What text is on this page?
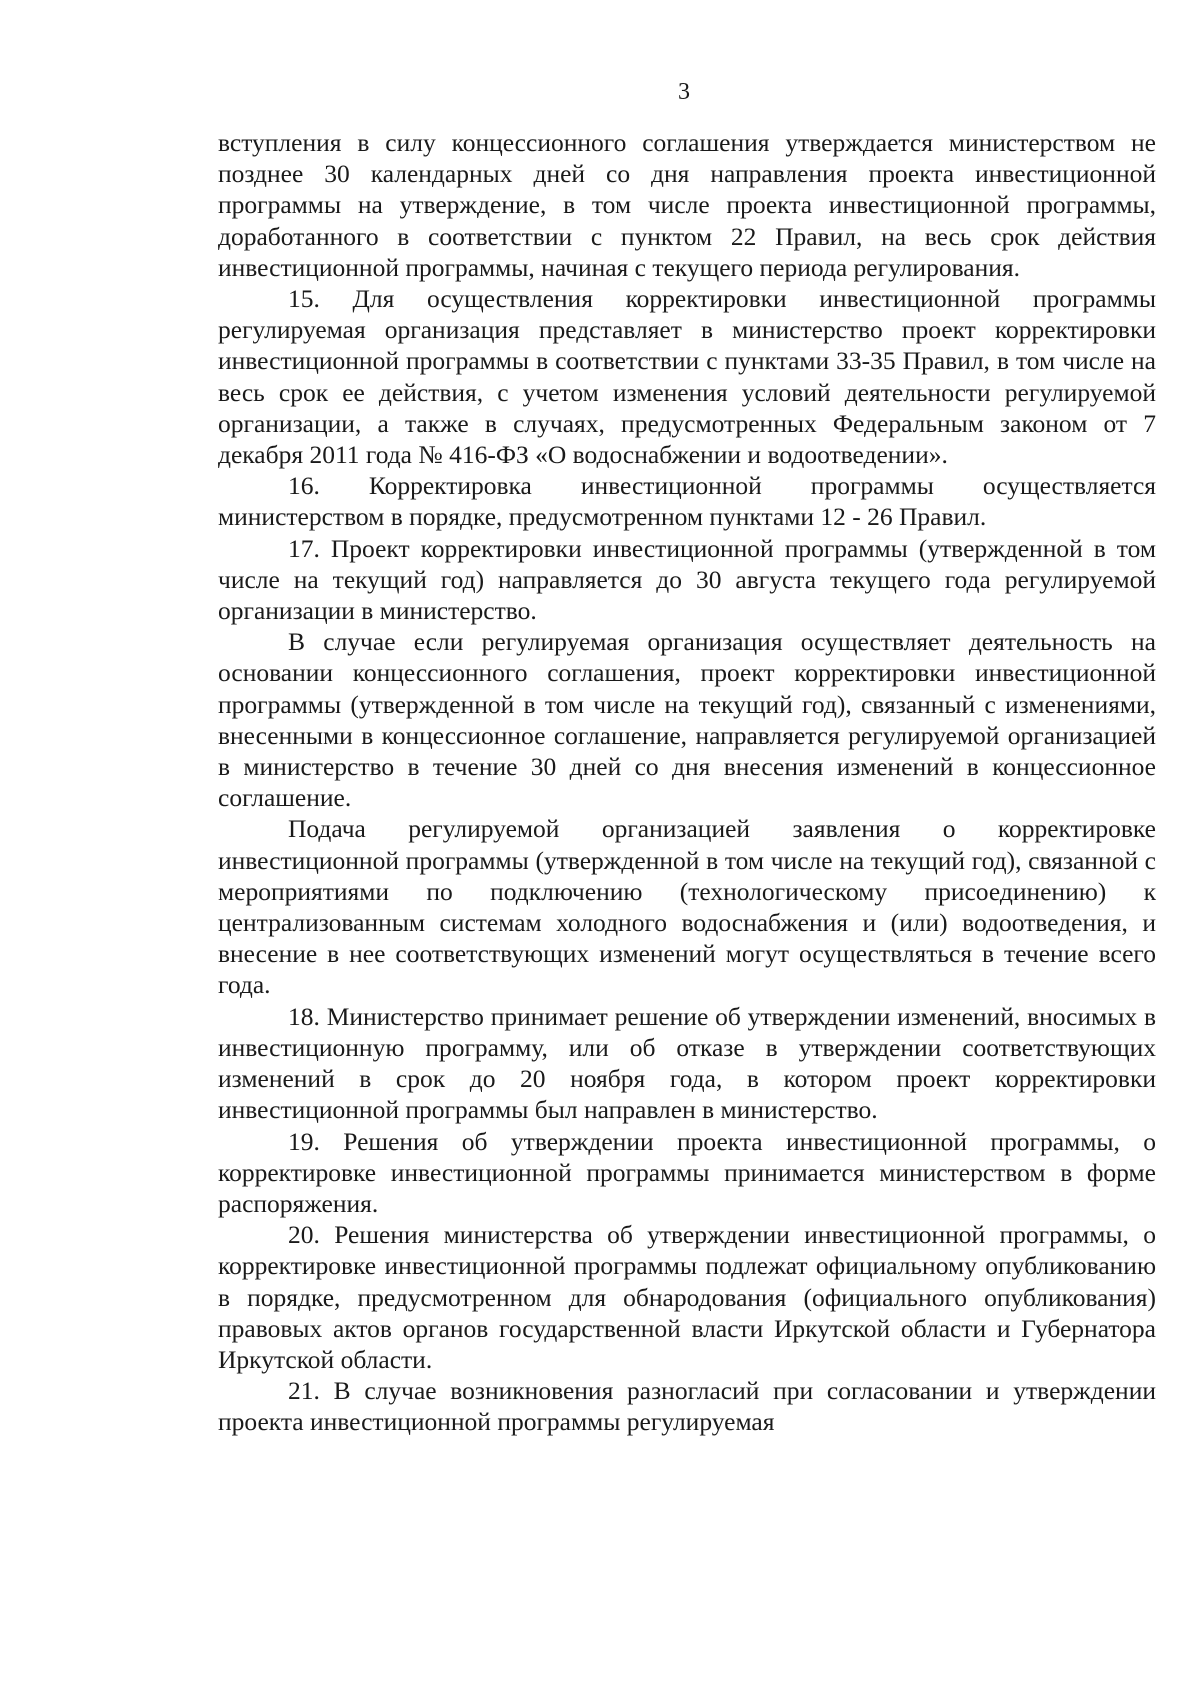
3

вступления в силу концессионного соглашения утверждается министерством не позднее 30 календарных дней со дня направления проекта инвестиционной программы на утверждение, в том числе проекта инвестиционной программы, доработанного в соответствии с пунктом 22 Правил, на весь срок действия инвестиционной программы, начиная с текущего периода регулирования.

15. Для осуществления корректировки инвестиционной программы регулируемая организация представляет в министерство проект корректировки инвестиционной программы в соответствии с пунктами 33-35 Правил, в том числе на весь срок ее действия, с учетом изменения условий деятельности регулируемой организации, а также в случаях, предусмотренных Федеральным законом от 7 декабря 2011 года № 416-ФЗ «О водоснабжении и водоотведении».

16. Корректировка инвестиционной программы осуществляется министерством в порядке, предусмотренном пунктами 12 - 26 Правил.

17. Проект корректировки инвестиционной программы (утвержденной в том числе на текущий год) направляется до 30 августа текущего года регулируемой организации в министерство.

В случае если регулируемая организация осуществляет деятельность на основании концессионного соглашения, проект корректировки инвестиционной программы (утвержденной в том числе на текущий год), связанный с изменениями, внесенными в концессионное соглашение, направляется регулируемой организацией в министерство в течение 30 дней со дня внесения изменений в концессионное соглашение.

Подача регулируемой организацией заявления о корректировке инвестиционной программы (утвержденной в том числе на текущий год), связанной с мероприятиями по подключению (технологическому присоединению) к централизованным системам холодного водоснабжения и (или) водоотведения, и внесение в нее соответствующих изменений могут осуществляться в течение всего года.

18. Министерство принимает решение об утверждении изменений, вносимых в инвестиционную программу, или об отказе в утверждении соответствующих изменений в срок до 20 ноября года, в котором проект корректировки инвестиционной программы был направлен в министерство.

19. Решения об утверждении проекта инвестиционной программы, о корректировке инвестиционной программы принимается министерством в форме распоряжения.

20. Решения министерства об утверждении инвестиционной программы, о корректировке инвестиционной программы подлежат официальному опубликованию в порядке, предусмотренном для обнародования (официального опубликования) правовых актов органов государственной власти Иркутской области и Губернатора Иркутской области.

21. В случае возникновения разногласий при согласовании и утверждении проекта инвестиционной программы регулируемая
